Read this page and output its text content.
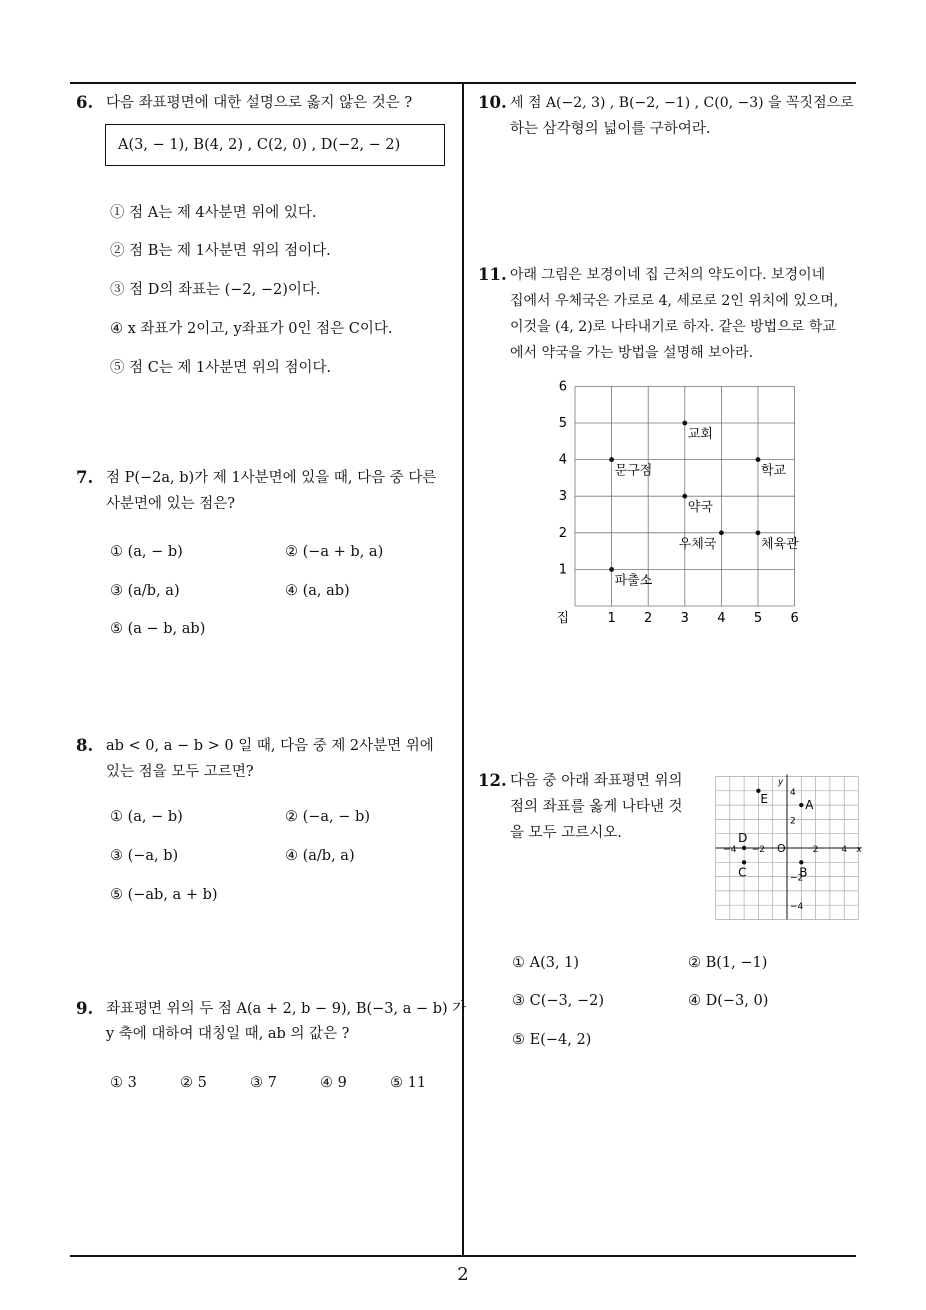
6. 다음 좌표평면에 대한 설명으로 옳지 않은 것은 ?
A(3, − 1), B(4, 2) , C(2, 0) , D(−2, − 2)
① 점 A는 제 4사분면 위에 있다.
② 점 B는 제 1사분면 위의 점이다.
③ 점 D의 좌표는 (−2, −2)이다.
④ x 좌표가 2이고, y좌표가 0인 점은 C이다.
⑤ 점 C는 제 1사분면 위의 점이다.
7. 점 P(−2a, b)가 제 1사분면에 있을 때, 다음 중 다른
사분면에 있는 점은?
① (a, − b)	② (−a + b, a)
③ (a/b, a)	④ (a, ab)
⑤ (a − b, ab)
8. ab < 0, a − b > 0 일 때, 다음 중 제 2사분면 위에
있는 점을 모두 고르면?
① (a, − b)	② (−a, − b)
③ (−a, b)	④ (a/b, a)
⑤ (−ab, a + b)
9. 좌표평면 위의 두 점 A(a + 2, b − 9), B(−3, a − b) 가
y 축에 대하여 대칭일 때, ab 의 값은 ?
① 3	② 5	③ 7	④ 9	⑤ 11
10. 세 점 A(−2, 3) , B(−2, −1) , C(0, −3) 을 꼭짓점으로
하는 삼각형의 넓이를 구하여라.
11. 아래 그림은 보경이네 집 근처의 약도이다. 보경이네
집에서 우체국은 가로로 4, 세로로 2인 위치에 있으며,
이것을 (4, 2)로 나타내기로 하자. 같은 방법으로 학교
에서 약국을 가는 방법을 설명해 보아라.
1 2 3 4 5 6
1
2
3
4
5
6
집
교회
문구점	학교
약국
우체국	체육관
파출소
12. 다음 중 아래 좌표평면 위의
점의 좌표를 옳게 나타낸 것
을 모두 고르시오.
x
y
O
−4 −2	2	4
4
2
−2
−4
A
B
C
D
E
① A(3, 1)	② B(1, −1)
③ C(−3, −2)	④ D(−3, 0)
⑤ E(−4, 2)
2
